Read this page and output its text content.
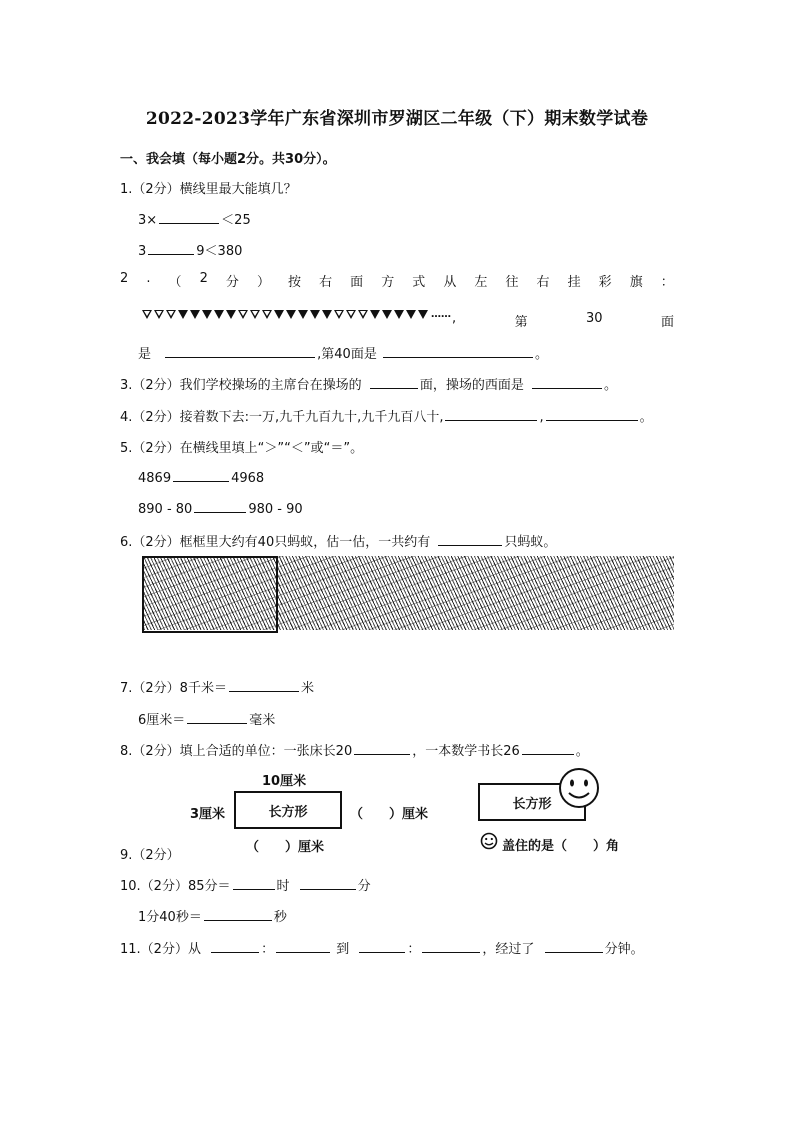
2022-2023学年广东省深圳市罗湖区二年级（下）期末数学试卷
一、我会填（每小题2分。共30分）。
1.（2分）横线里最大能填几？
3×	＜25
3	9＜380
2 . （ 2 分 ） 按 右 面 方 式 从 左 往 右 挂 彩 旗 ：
…… ,	第	30	面
是	,第40面是	。
3.（2分）我们学校操场的主席台在操场的	面，操场的西面是	。
4.（2分）接着数下去:一万,九千九百九十,九千九百八十,	,	。
5.（2分）在横线里填上“＞”“＜”或“＝”。
4869	4968
890 - 80	980 - 90
6.（2分）框框里大约有40只蚂蚁，估一估，一共约有	只蚂蚁。
7.（2分）8千米＝	米
6厘米＝	毫米
8.（2分）填上合适的单位：一张床长20	，一本数学书长26	。
10厘米
3厘米	长方形	（　　）厘米
（　　）厘米
9.（2分）
长方形
盖住的是（　　）角
10.（2分）85分＝	时	分
1分40秒＝	秒
11.（2分）从	：	到	：	，经过了	分钟。
